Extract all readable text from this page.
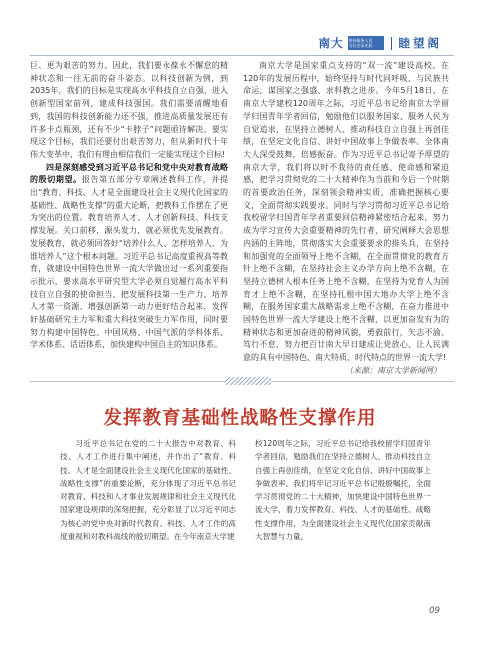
南大 坚持服务人民
为社会添光彩	睦望阁

巨、更为艰苦的努力。因此，我们要永葆永不懈怠的精神状态和一往无前的奋斗姿态。以科技创新为例，到2035年，我们的目标是实现高水平科技自立自强，进入创新型国家前列，建成科技强国。我们需要清醒地看到，我国的科技创新能力还不强，推进高质量发展还有许多卡点瓶颈，还有不少“卡脖子”问题亟待解决。要实现这个目标，我们还要付出艰苦努力，但从新时代十年伟大变革中，我们有理由相信我们一定能实现这个目标!

四是深刻感受到习近平总书记和党中央对教育战略的殷切期望。报告第五部分专章阐述教科工作，并提出“教育、科技、人才是全面建设社会主义现代化国家的基础性、战略性支撑”的重大论断，把教科工作摆在了更为突出的位置。教育培养人才、人才创新科技、科技支撑发展。关口前移，源头发力，就必须优先发展教育。发展教育，就必须回答好“培养什么人、怎样培养人、为谁培养人”这个根本问题。习近平总书记高度重视高等教育，就建设中国特色世界一流大学做出过一系列重要指示批示，要求高水平研究型大学必须自觉履行高水平科技自立自强的使命担当，把发展科技第一生产力、培养人才第一资源、增强创新第一动力更好结合起来，发挥好基础研究主力军和重大科技突破生力军作用，同时要努力构建中国特色、中国风格、中国气派的学科体系、学术体系、话语体系，加快建构中国自主的知识体系。

南京大学是国家重点支持的“双一流”建设高校。在120年的发展历程中，始终坚持与时代同呼吸、与民族共命运，谋国家之强盛、求科教之进步。今年5月18日，在南京大学建校120周年之际，习近平总书记给南京大学留学归国青年学者回信，勉励他们以服务国家、服务人民为自觉追求，在坚持立德树人、推动科技自立自强上再创佳绩，在坚定文化自信、讲好中国故事上争做表率。全体南大人深受鼓舞，倍感振奋。作为习近平总书记寄予厚望的南京大学，我们将以时不我待的责任感、使命感和紧迫感，把学习贯彻党的二十大精神作为当前和今后一个时期的首要政治任务，深刻领会精神实质，准确把握核心要义，全面贯彻实践要求。同时与学习贯彻习近平总书记给我校留学归国青年学者重要回信精神紧密结合起来，努力成为学习宣传大会重要精神的先行者，研究阐释大会思想内涵的主阵地，贯彻落实大会重要要求的排头兵，在坚持和加强党的全面领导上绝不含糊，在全面贯彻党的教育方针上绝不含糊，在坚持社会主义办学方向上绝不含糊，在坚持立德树人根本任务上绝不含糊，在坚持为党育人为国育才上绝不含糊，在坚持扎根中国大地办大学上绝不含糊，在服务国家重大战略需求上绝不含糊，在奋力推进中国特色世界一流大学建设上绝不含糊，以更加奋发有为的精神状态和更加奋进的精神风貌，勇毅前行，矢志不渝、笃行不怠，努力把百廿南大早日建成让党放心、让人民满意的具有中国特色、南大特质、时代特点的世界一流大学!

（来源：南京大学新闻网）

发挥教育基础性战略性支撑作用

习近平总书记在党的二十大报告中对教育、科技、人才工作进行集中阐述，并作出了“教育、科技、人才是全面建设社会主义现代化国家的基础性、战略性支撑”的重要论断，充分体现了习近平总书记对教育、科技和人才事业发展规律和社会主义现代化国家建设规律的深刻把握，充分彰显了以习近平同志为核心的党中央对新时代教育、科技、人才工作的高度重视和对教科战线的殷切期望。在今年南京大学建

校120周年之际，习近平总书记给我校留学归国青年学者回信，勉励我们在坚持立德树人、推动科技自立自强上再创佳绩，在坚定文化自信、讲好中国故事上争做表率。我们将牢记习近平总书记殷殷嘱托，全面学习贯彻党的二十大精神，加快建设中国特色世界一流大学，着力发挥教育、科技、人才的基础性、战略性支撑作用，为全面建设社会主义现代化国家贡献南大智慧与力量。

09
